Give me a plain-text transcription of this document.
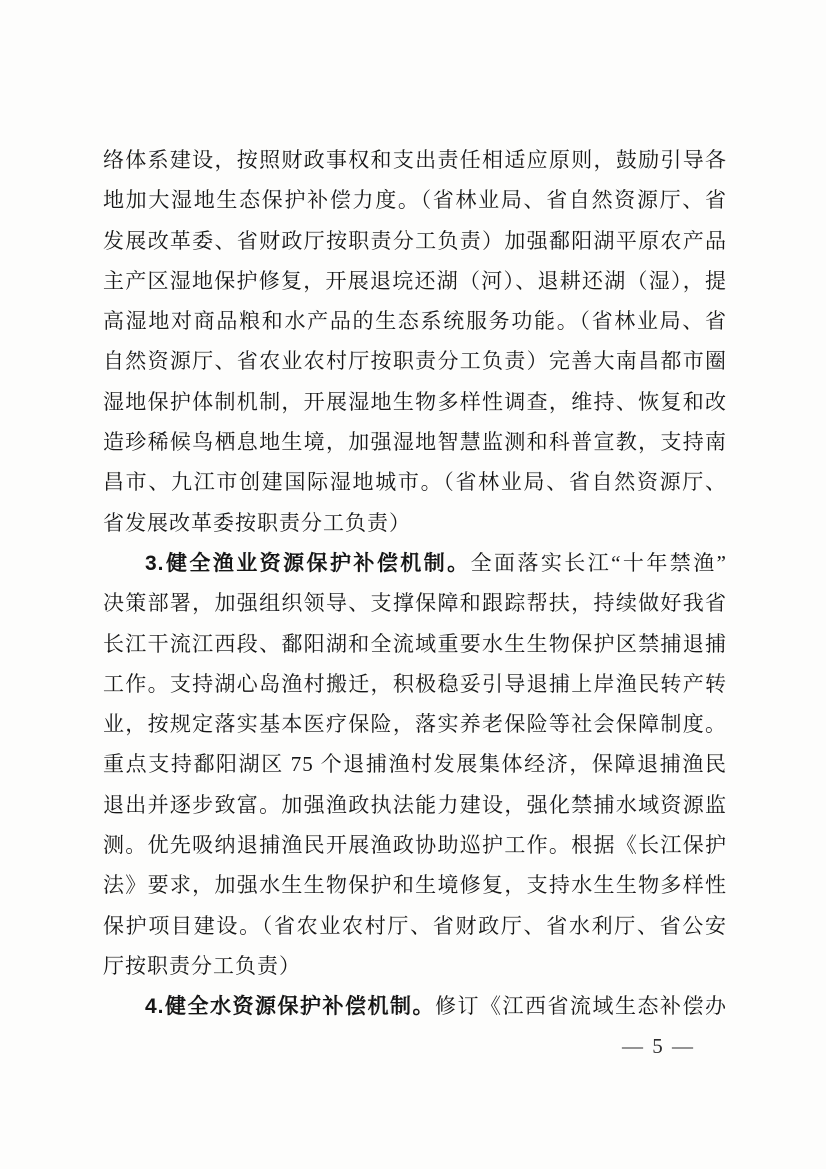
络体系建设，按照财政事权和支出责任相适应原则，鼓励引导各
地加大湿地生态保护补偿力度。（省林业局、省自然资源厅、省
发展改革委、省财政厅按职责分工负责）加强鄱阳湖平原农产品
主产区湿地保护修复，开展退垸还湖（河）、退耕还湖（湿），提
高湿地对商品粮和水产品的生态系统服务功能。（省林业局、省
自然资源厅、省农业农村厅按职责分工负责）完善大南昌都市圈
湿地保护体制机制，开展湿地生物多样性调查，维持、恢复和改
造珍稀候鸟栖息地生境，加强湿地智慧监测和科普宣教，支持南
昌市、九江市创建国际湿地城市。（省林业局、省自然资源厅、
省发展改革委按职责分工负责）
3.健全渔业资源保护补偿机制。全面落实长江“十年禁渔”
决策部署，加强组织领导、支撑保障和跟踪帮扶，持续做好我省
长江干流江西段、鄱阳湖和全流域重要水生生物保护区禁捕退捕
工作。支持湖心岛渔村搬迁，积极稳妥引导退捕上岸渔民转产转
业，按规定落实基本医疗保险，落实养老保险等社会保障制度。
重点支持鄱阳湖区 75 个退捕渔村发展集体经济，保障退捕渔民
退出并逐步致富。加强渔政执法能力建设，强化禁捕水域资源监
测。优先吸纳退捕渔民开展渔政协助巡护工作。根据《长江保护
法》要求，加强水生生物保护和生境修复，支持水生生物多样性
保护项目建设。（省农业农村厅、省财政厅、省水利厅、省公安
厅按职责分工负责）
4.健全水资源保护补偿机制。修订《江西省流域生态补偿办
— 5 —
